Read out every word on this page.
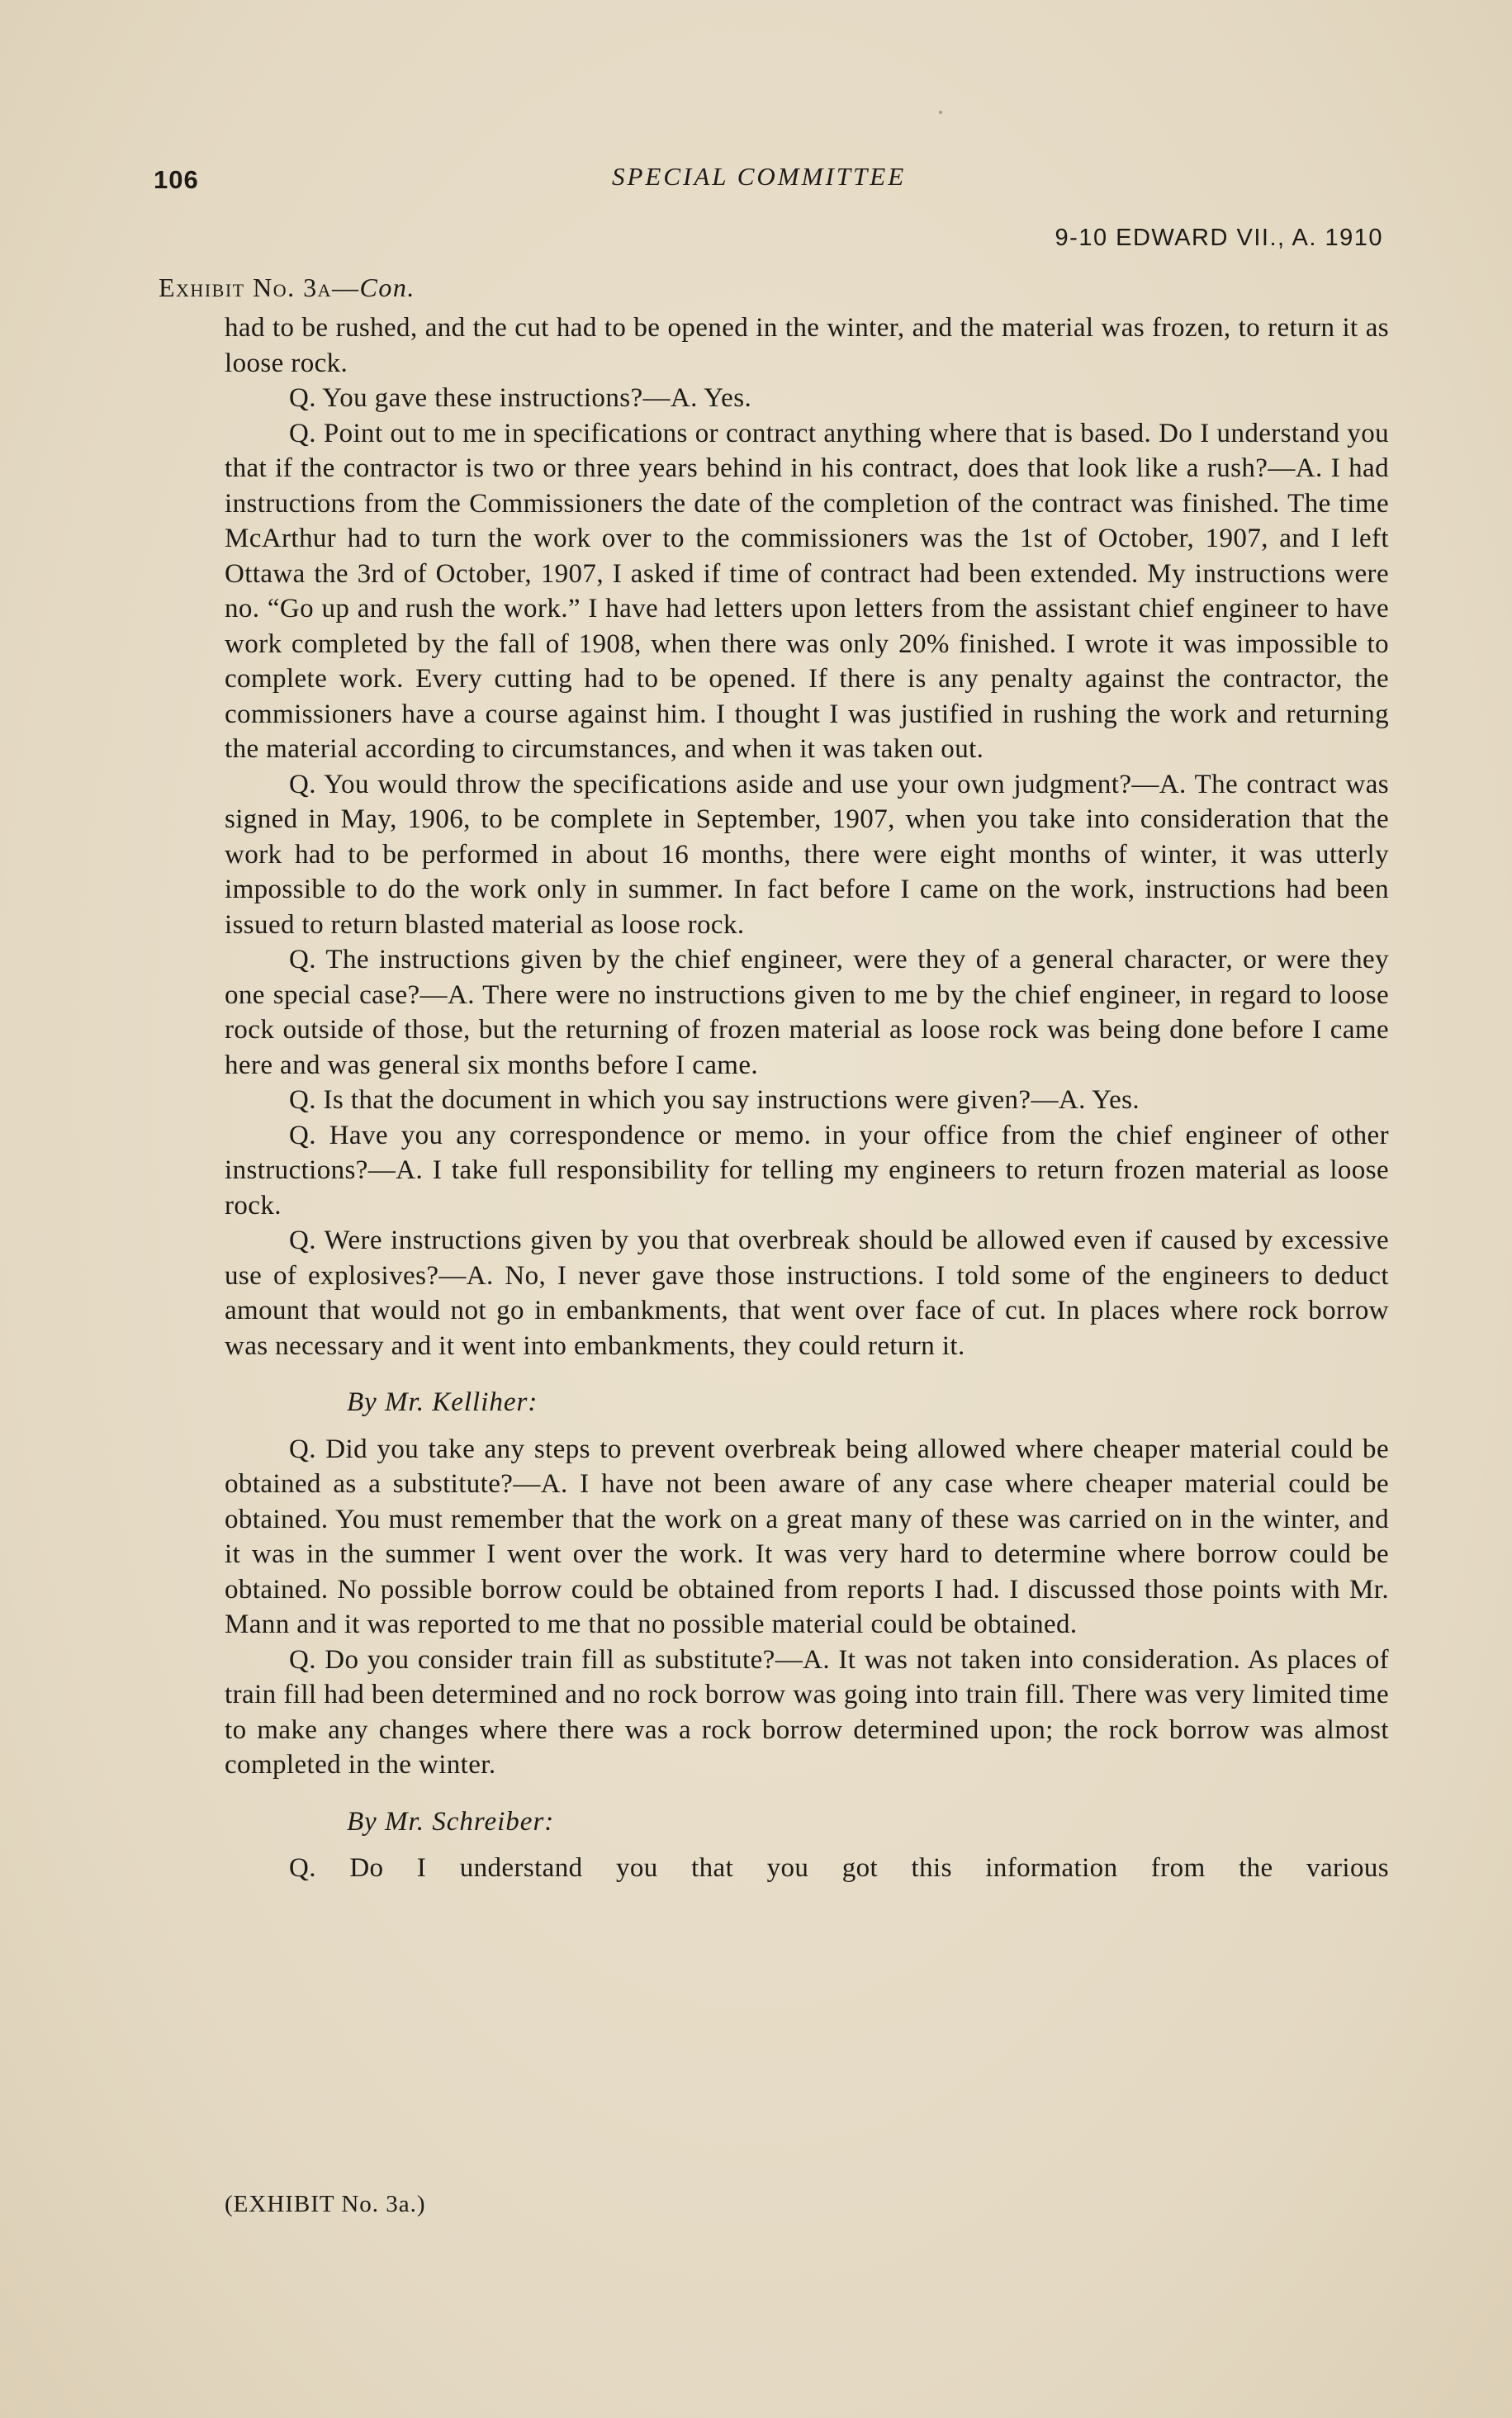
106	SPECIAL COMMITTEE
9-10 EDWARD VII., A. 1910
Exhibit No. 3a—Con.

had to be rushed, and the cut had to be opened in the winter, and the material was frozen, to return it as loose rock.

Q. You gave these instructions?—A. Yes.

Q. Point out to me in specifications or contract anything where that is based. Do I understand you that if the contractor is two or three years behind in his contract, does that look like a rush?—A. I had instructions from the Commissioners the date of the completion of the contract was finished. The time McArthur had to turn the work over to the commissioners was the 1st of October, 1907, and I left Ottawa the 3rd of October, 1907, I asked if time of contract had been extended. My instructions were no. “Go up and rush the work.” I have had letters upon letters from the assistant chief engineer to have work completed by the fall of 1908, when there was only 20% finished. I wrote it was impossible to complete work. Every cutting had to be opened. If there is any penalty against the contractor, the commissioners have a course against him. I thought I was justified in rushing the work and returning the material according to circumstances, and when it was taken out.

Q. You would throw the specifications aside and use your own judgment?—A. The contract was signed in May, 1906, to be complete in September, 1907, when you take into consideration that the work had to be performed in about 16 months, there were eight months of winter, it was utterly impossible to do the work only in summer. In fact before I came on the work, instructions had been issued to return blasted material as loose rock.

Q. The instructions given by the chief engineer, were they of a general character, or were they one special case?—A. There were no instructions given to me by the chief engineer, in regard to loose rock outside of those, but the returning of frozen material as loose rock was being done before I came here and was general six months before I came.

Q. Is that the document in which you say instructions were given?—A. Yes.

Q. Have you any correspondence or memo. in your office from the chief engineer of other instructions?—A. I take full responsibility for telling my engineers to return frozen material as loose rock.

Q. Were instructions given by you that overbreak should be allowed even if caused by excessive use of explosives?—A. No, I never gave those instructions. I told some of the engineers to deduct amount that would not go in embankments, that went over face of cut. In places where rock borrow was necessary and it went into embankments, they could return it.

By Mr. Kelliher:

Q. Did you take any steps to prevent overbreak being allowed where cheaper material could be obtained as a substitute?—A. I have not been aware of any case where cheaper material could be obtained. You must remember that the work on a great many of these was carried on in the winter, and it was in the summer I went over the work. It was very hard to determine where borrow could be obtained. No possible borrow could be obtained from reports I had. I discussed those points with Mr. Mann and it was reported to me that no possible material could be obtained.

Q. Do you consider train fill as substitute?—A. It was not taken into consideration. As places of train fill had been determined and no rock borrow was going into train fill. There was very limited time to make any changes where there was a rock borrow determined upon; the rock borrow was almost completed in the winter.

By Mr. Schreiber:

Q. Do I understand you that you got this information from the various

(EXHIBIT No. 3a.)
